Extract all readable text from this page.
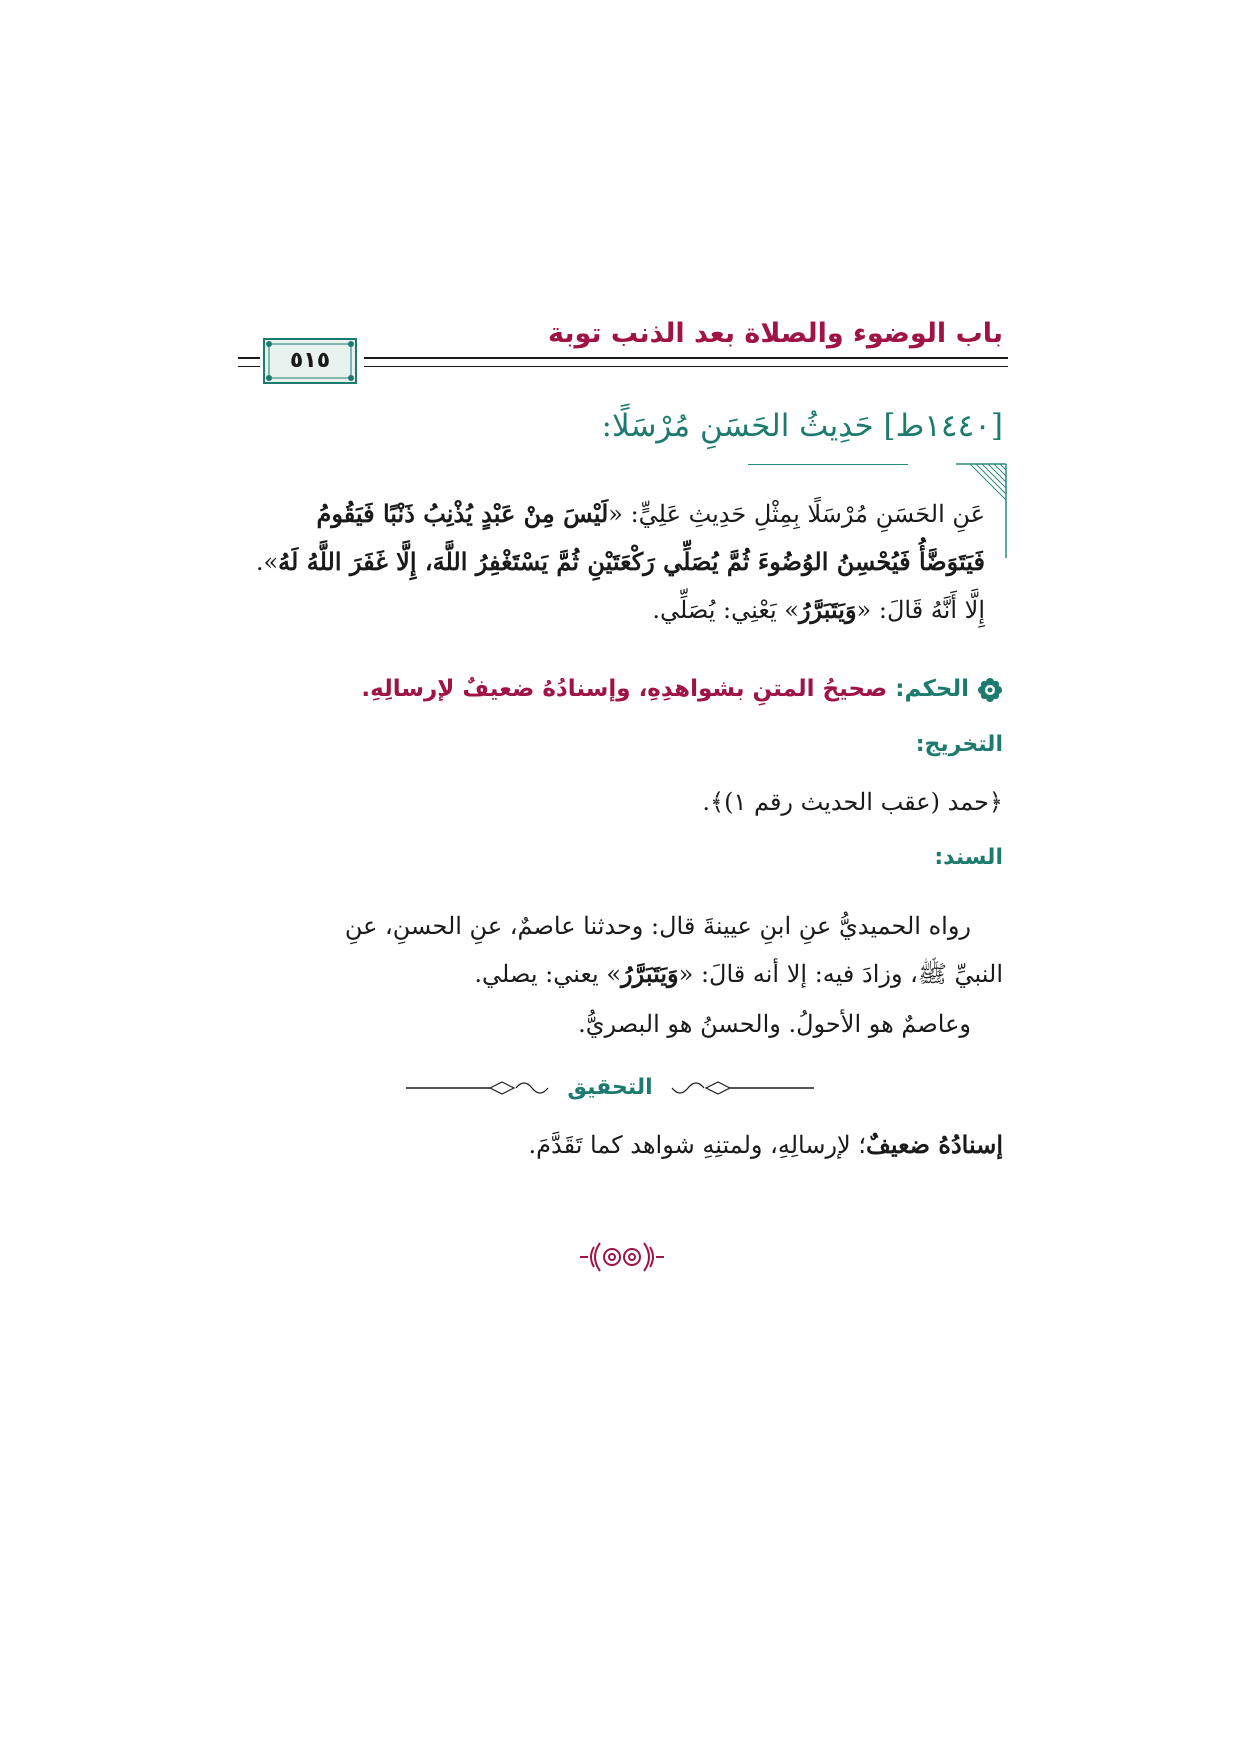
باب الوضوء والصلاة بعد الذنب توبة
٥١٥
[١٤٤٠ط] حَدِيثُ الحَسَنِ مُرْسَلًا:

عَنِ الحَسَنِ مُرْسَلًا بِمِثْلِ حَدِيثِ عَلِيٍّ: «لَيْسَ مِنْ عَبْدٍ يُذْنِبُ ذَنْبًا فَيَقُومُ

فَيَتَوَضَّأُ فَيُحْسِنُ الوُضُوءَ ثُمَّ يُصَلِّي رَكْعَتَيْنِ ثُمَّ يَسْتَغْفِرُ اللَّهَ، إِلَّا غَفَرَ اللَّهُ لَهُ».

إِلَّا أَنَّهُ قَالَ: «وَيَتَبَرَّرُ» يَعْنِي: يُصَلِّي.

الحكم: صحيحُ المتنِ بشواهدِهِ، وإسنادُهُ ضعيفٌ لإرسالِهِ.
التخريج:
﴿حمد (عقب الحديث رقم ١)﴾.
السند:

رواه الحميديُّ عنِ ابنِ عيينةَ قال: وحدثنا عاصمٌ، عنِ الحسنِ، عنِ

النبيِّ ﷺ، وزادَ فيه: إلا أنه قالَ: «وَيَتَبَرَّرُ» يعني: يصلي.

وعاصمٌ هو الأحولُ. والحسنُ هو البصريُّ.
التحقيق
إسنادُهُ ضعيفٌ؛ لإرسالِهِ، ولمتنِهِ شواهد كما تَقَدَّمَ.
